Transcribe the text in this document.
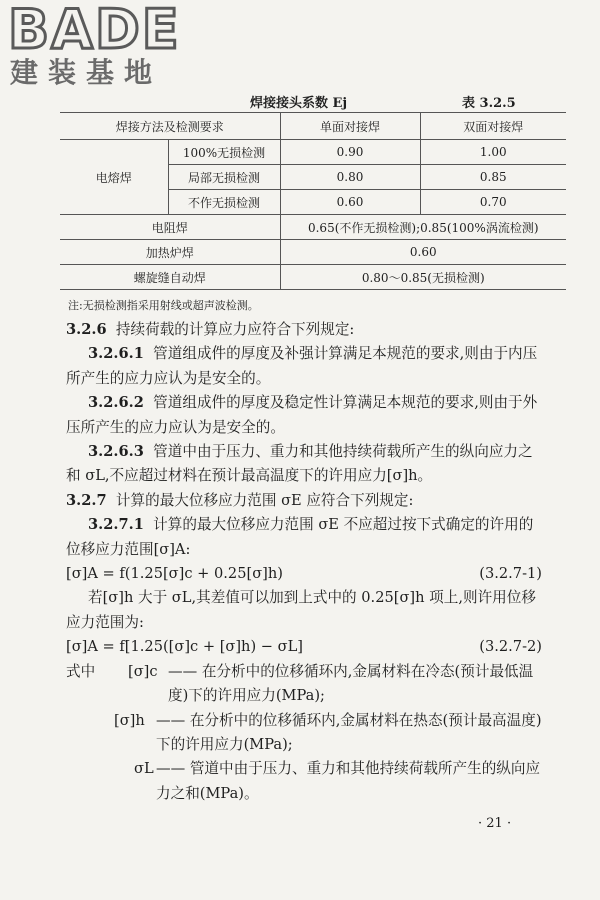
BADE
建装基地
焊接接头系数 Ej	表 3.2.5
焊接方法及检测要求		单面对接焊	双面对接焊
电熔焊	100%无损检测	0.90	1.00
	局部无损检测	0.80	0.85
	不作无损检测	0.60	0.70
电阻焊		0.65(不作无损检测);0.85(100%涡流检测)	
加热炉焊		0.60	
螺旋缝自动焊		0.80～0.85(无损检测)	
注:无损检测指采用射线或超声波检测。

3.2.6 持续荷载的计算应力应符合下列规定:

3.2.6.1 管道组成件的厚度及补强计算满足本规范的要求,则由于内压所产生的应力应认为是安全的。

3.2.6.2 管道组成件的厚度及稳定性计算满足本规范的要求,则由于外压所产生的应力应认为是安全的。

3.2.6.3 管道中由于压力、重力和其他持续荷载所产生的纵向应力之和 σL,不应超过材料在预计最高温度下的许用应力[σ]h。

3.2.7 计算的最大位移应力范围 σE 应符合下列规定:

3.2.7.1 计算的最大位移应力范围 σE 不应超过按下式确定的许用的位移应力范围[σ]A:

[σ]A = f(1.25[σ]c + 0.25[σ]h)	(3.2.7-1)

若[σ]h 大于 σL,其差值可以加到上式中的 0.25[σ]h 项上,则许用位移应力范围为:

[σ]A = f[1.25([σ]c + [σ]h) − σL]	(3.2.7-2)

式中	[σ]c —— 在分析中的位移循环内,金属材料在冷态(预计最低温度)下的许用应力(MPa);
[σ]h —— 在分析中的位移循环内,金属材料在热态(预计最高温度)下的许用应力(MPa);
σL —— 管道中由于压力、重力和其他持续荷载所产生的纵向应力之和(MPa)。
· 21 ·
